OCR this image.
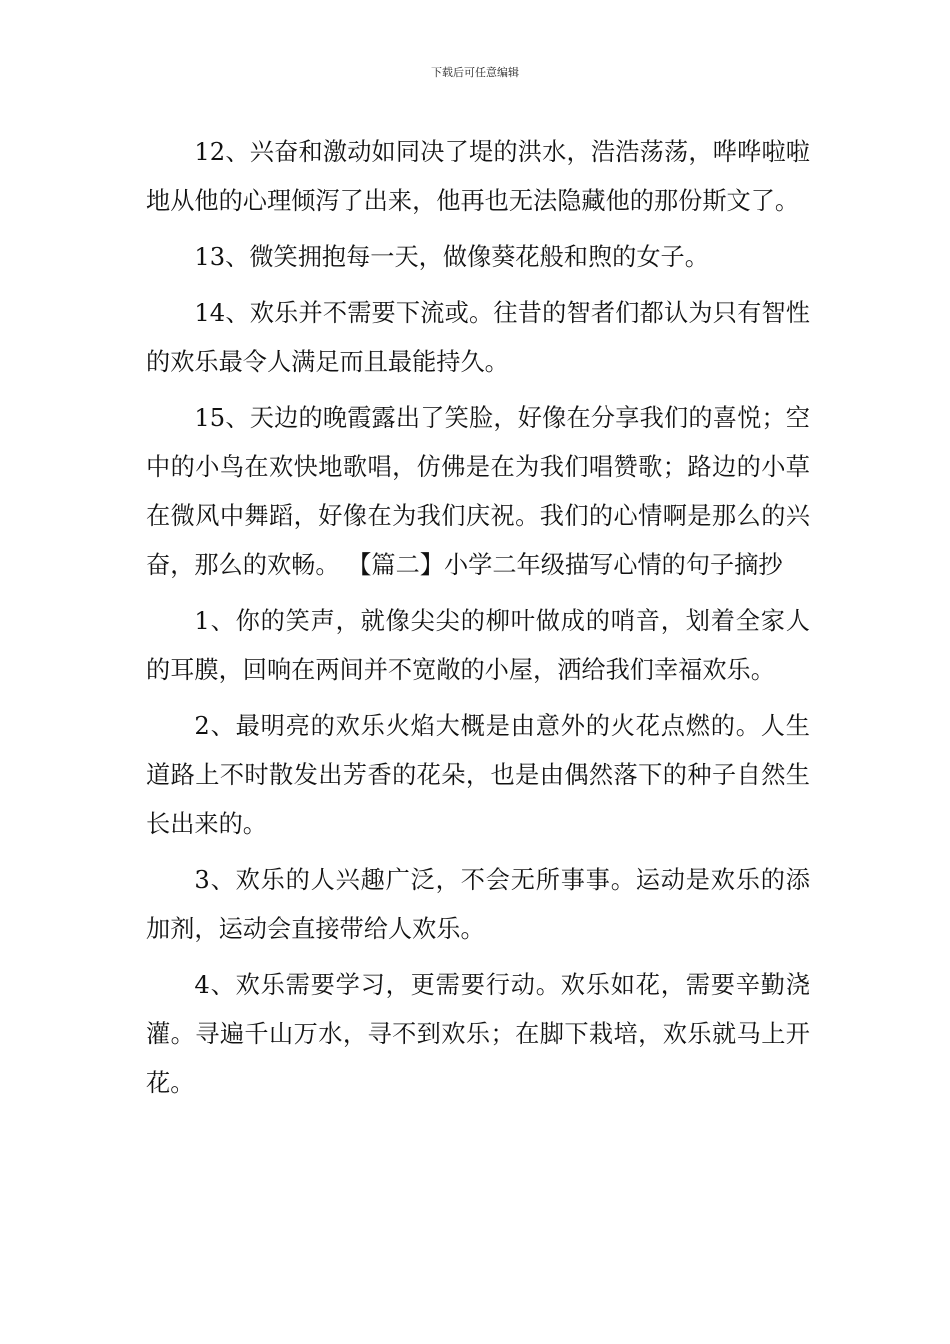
下载后可任意编辑

12、兴奋和激动如同决了堤的洪水，浩浩荡荡，哗哗啦啦地从他的心理倾泻了出来，他再也无法隐藏他的那份斯文了。

13、微笑拥抱每一天，做像葵花般和煦的女子。

14、欢乐并不需要下流或。往昔的智者们都认为只有智性的欢乐最令人满足而且最能持久。

15、天边的晚霞露出了笑脸，好像在分享我们的喜悦；空中的小鸟在欢快地歌唱，仿佛是在为我们唱赞歌；路边的小草在微风中舞蹈，好像在为我们庆祝。我们的心情啊是那么的兴奋，那么的欢畅。 【篇二】小学二年级描写心情的句子摘抄

1、你的笑声，就像尖尖的柳叶做成的哨音，划着全家人的耳膜，回响在两间并不宽敞的小屋，洒给我们幸福欢乐。

2、最明亮的欢乐火焰大概是由意外的火花点燃的。人生道路上不时散发出芳香的花朵，也是由偶然落下的种子自然生长出来的。

3、欢乐的人兴趣广泛，不会无所事事。运动是欢乐的添加剂，运动会直接带给人欢乐。

4、欢乐需要学习，更需要行动。欢乐如花，需要辛勤浇灌。寻遍千山万水，寻不到欢乐；在脚下栽培，欢乐就马上开花。
